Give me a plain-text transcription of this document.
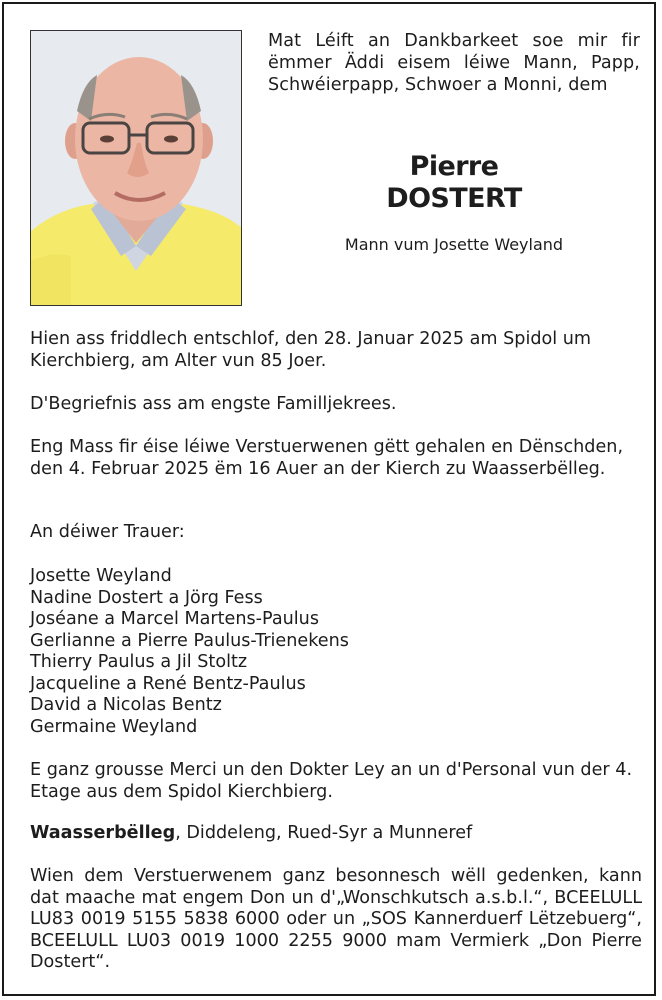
Mat Léift an Dankbarkeet soe mir fir ëmmer Äddi eisem léiwe Mann, Papp, Schwéierpapp, Schwoer a Monni, dem
Pierre
DOSTERT
Mann vum Josette Weyland
Hien ass friddlech entschlof, den 28. Januar 2025 am Spidol um Kierchbierg, am Alter vun 85 Joer.
D'Begriefnis ass am engste Familljekrees.
Eng Mass fir éise léiwe Verstuerwenen gëtt gehalen en Dënschden, den 4. Februar 2025 ëm 16 Auer an der Kierch zu Waasserbëlleg.
An déiwer Trauer:
Josette Weyland
Nadine Dostert a Jörg Fess
Joséane a Marcel Martens-Paulus
Gerlianne a Pierre Paulus-Trienekens
Thierry Paulus a Jil Stoltz
Jacqueline a René Bentz-Paulus
David a Nicolas Bentz
Germaine Weyland
E ganz grousse Merci un den Dokter Ley an un d'Personal vun der 4. Etage aus dem Spidol Kierchbierg.
Waasserbëlleg, Diddeleng, Rued-Syr a Munneref
Wien dem Verstuerwenem ganz besonnesch wëll gedenken, kann dat maache mat engem Don un d'„Wonschkutsch a.s.b.l.“, BCEELULL LU83 0019 5155 5838 6000 oder un „SOS Kannerduerf Lëtzebuerg“, BCEELULL LU03 0019 1000 2255 9000 mam Vermierk „Don Pierre Dostert“.
